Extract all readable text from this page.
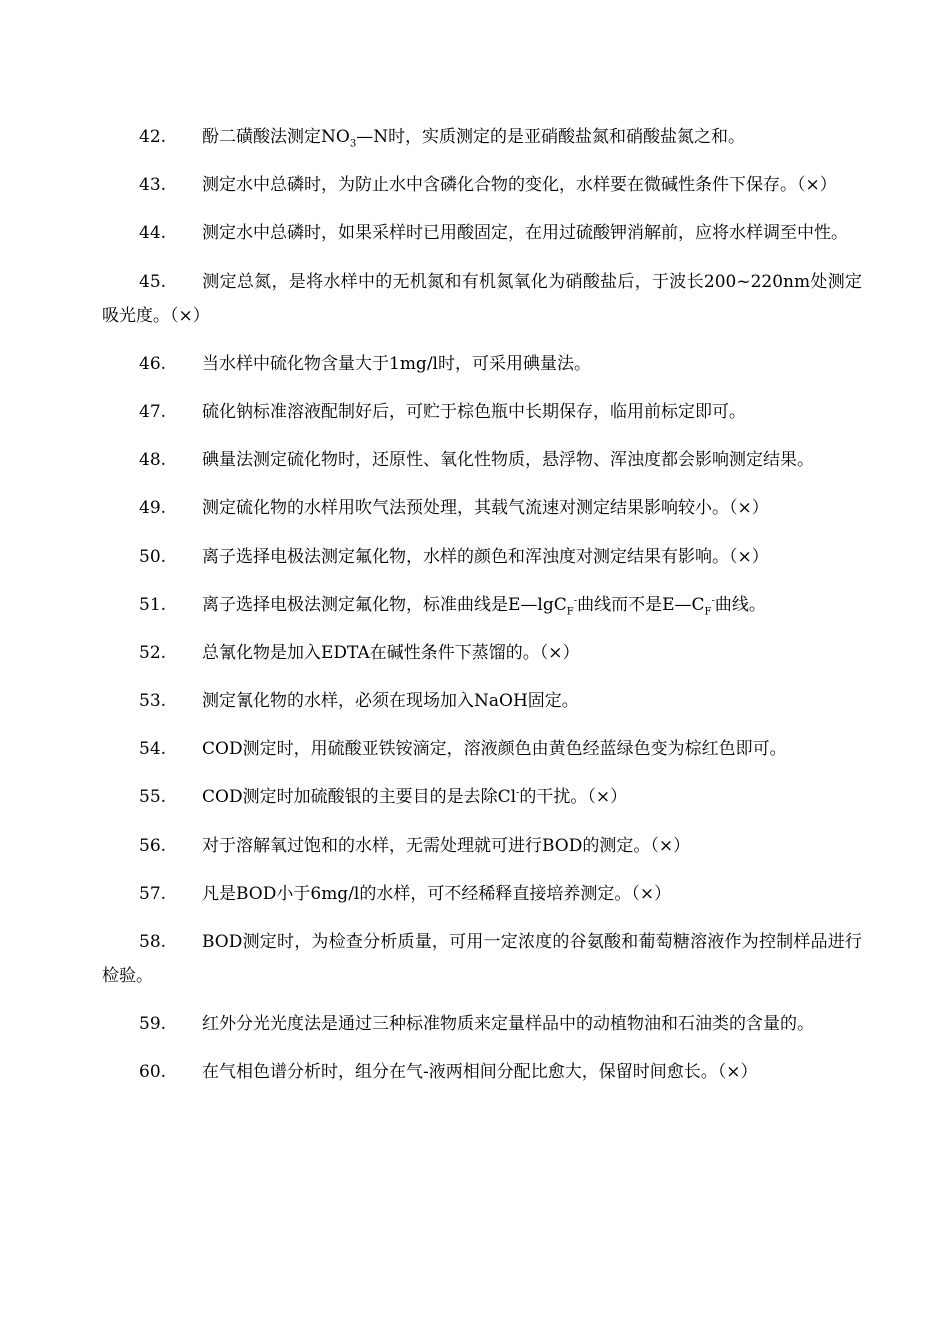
42. 酚二磺酸法测定$NO_3—N$时，实质测定的是亚硝酸盐氮和硝酸盐氮之和。

43. 测定水中总磷时，为防止水中含磷化合物的变化，水样要在微碱性条件下保存。（×）

44. 测定水中总磷时，如果采样时已用酸固定，在用过硫酸钾消解前，应将水样调至中性。

45. 测定总氮，是将水样中的无机氮和有机氮氧化为硝酸盐后，于波长200~220nm处测定吸光度。（×）

46. 当水样中硫化物含量大于1mg/l时，可采用碘量法。

47. 硫化钠标准溶液配制好后，可贮于棕色瓶中长期保存，临用前标定即可。

48. 碘量法测定硫化物时，还原性、氧化性物质，悬浮物、浑浊度都会影响测定结果。

49. 测定硫化物的水样用吹气法预处理，其载气流速对测定结果影响较小。（×）

50. 离子选择电极法测定氟化物，水样的颜色和浑浊度对测定结果有影响。（×）

51. 离子选择电极法测定氟化物，标准曲线是E—lgC$_F$-曲线而不是$E—C_F^-$曲线。

52. 总氰化物是加入EDTA在碱性条件下蒸馏的。（×）

53. 测定氰化物的水样，必须在现场加入NaOH固定。

54. COD测定时，用硫酸亚铁铵滴定，溶液颜色由黄色经蓝绿色变为棕红色即可。

55. COD测定时加硫酸银的主要目的是去除Cl-的干扰。（×）

56. 对于溶解氧过饱和的水样，无需处理就可进行BOD的测定。（×）

57. 凡是BOD小于6mg/l的水样，可不经稀释直接培养测定。（×）

58. BOD测定时，为检查分析质量，可用一定浓度的谷氨酸和葡萄糖溶液作为控制样品进行检验。

59. 红外分光光度法是通过三种标准物质来定量样品中的动植物油和石油类的含量的。

60. 在气相色谱分析时，组分在气-液两相间分配比愈大，保留时间愈长。（×）
